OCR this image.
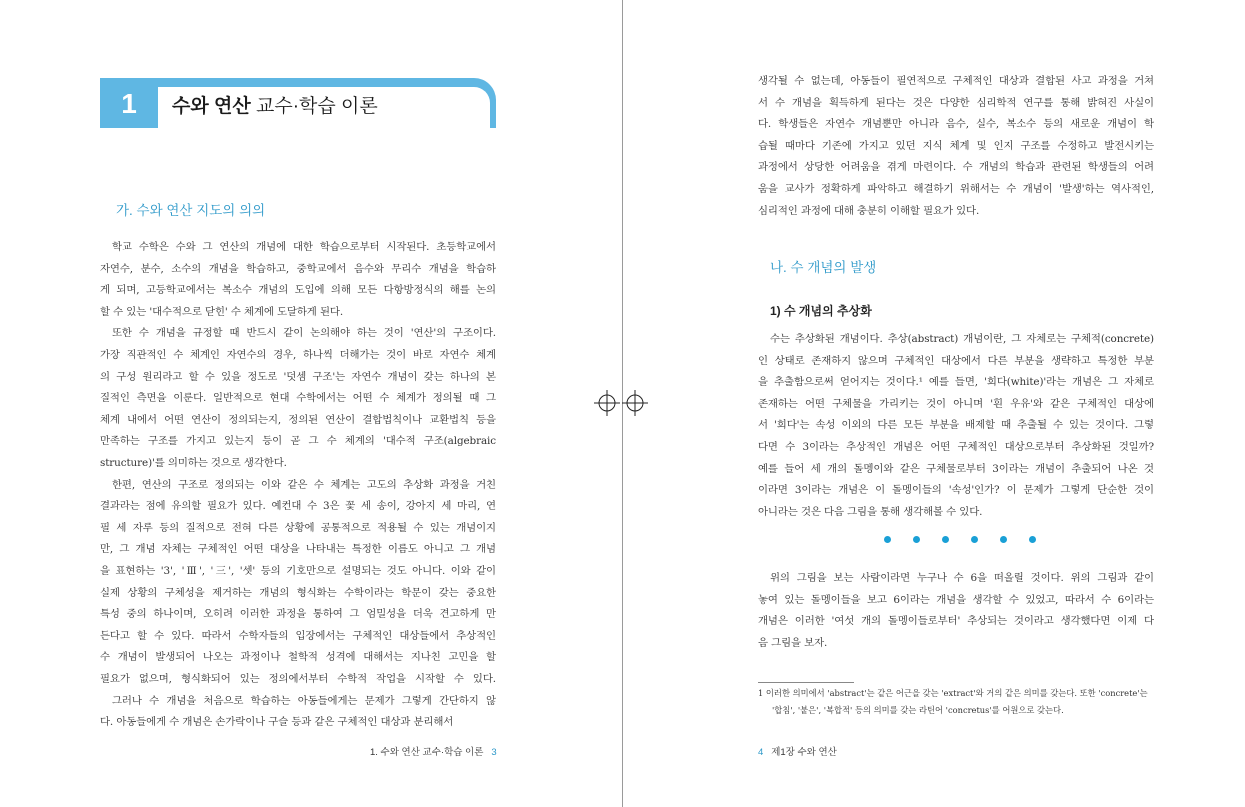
1	수와 연산 교수·학습 이론
가. 수와 연산 지도의 의의
학교 수학은 수와 그 연산의 개념에 대한 학습으로부터 시작된다. 초등학교에서
자연수, 분수, 소수의 개념을 학습하고, 중학교에서 음수와 무리수 개념을 학습하
게 되며, 고등학교에서는 복소수 개념의 도입에 의해 모든 다항방정식의 해를 논의
할 수 있는 '대수적으로 닫힌' 수 체계에 도달하게 된다.
또한 수 개념을 규정할 때 반드시 같이 논의해야 하는 것이 '연산'의 구조이다.
가장 직관적인 수 체계인 자연수의 경우, 하나씩 더해가는 것이 바로 자연수 체계
의 구성 원리라고 할 수 있을 정도로 '덧셈 구조'는 자연수 개념이 갖는 하나의 본
질적인 측면을 이룬다. 일반적으로 현대 수학에서는 어떤 수 체계가 정의될 때 그
체계 내에서 어떤 연산이 정의되는지, 정의된 연산이 결합법칙이나 교환법칙 등을
만족하는 구조를 가지고 있는지 등이 곧 그 수 체계의 '대수적 구조(algebraic
structure)'를 의미하는 것으로 생각한다.
한편, 연산의 구조로 정의되는 이와 같은 수 체계는 고도의 추상화 과정을 거친
결과라는 점에 유의할 필요가 있다. 예컨대 수 3은 꽃 세 송이, 강아지 세 마리, 연
필 세 자루 등의 질적으로 전혀 다른 상황에 공통적으로 적용될 수 있는 개념이지
만, 그 개념 자체는 구체적인 어떤 대상을 나타내는 특정한 이름도 아니고 그 개념
을 표현하는 '3', 'Ⅲ', '三', '셋' 등의 기호만으로 설명되는 것도 아니다. 이와 같이
실제 상황의 구체성을 제거하는 개념의 형식화는 수학이라는 학문이 갖는 중요한
특성 중의 하나이며, 오히려 이러한 과정을 통하여 그 엄밀성을 더욱 견고하게 만
든다고 할 수 있다. 따라서 수학자들의 입장에서는 구체적인 대상들에서 추상적인
수 개념이 발생되어 나오는 과정이나 철학적 성격에 대해서는 지나친 고민을 할
필요가 없으며, 형식화되어 있는 정의에서부터 수학적 작업을 시작할 수 있다.
그러나 수 개념을 처음으로 학습하는 아동들에게는 문제가 그렇게 간단하지 않
다. 아동들에게 수 개념은 손가락이나 구슬 등과 같은 구체적인 대상과 분리해서
1. 수와 연산 교수·학습 이론 3
생각될 수 없는데, 아동들이 필연적으로 구체적인 대상과 결합된 사고 과정을 거쳐
서 수 개념을 획득하게 된다는 것은 다양한 심리학적 연구를 통해 밝혀진 사실이
다. 학생들은 자연수 개념뿐만 아니라 음수, 실수, 복소수 등의 새로운 개념이 학
습될 때마다 기존에 가지고 있던 지식 체계 및 인지 구조를 수정하고 발전시키는
과정에서 상당한 어려움을 겪게 마련이다. 수 개념의 학습과 관련된 학생들의 어려
움을 교사가 정확하게 파악하고 해결하기 위해서는 수 개념이 '발생'하는 역사적인,
심리적인 과정에 대해 충분히 이해할 필요가 있다.
나. 수 개념의 발생
1) 수 개념의 추상화
수는 추상화된 개념이다. 추상(abstract) 개념이란, 그 자체로는 구체적(concrete)
인 상태로 존재하지 않으며 구체적인 대상에서 다른 부분을 생략하고 특정한 부분
을 추출함으로써 얻어지는 것이다.¹ 예를 들면, '희다(white)'라는 개념은 그 자체로
존재하는 어떤 구체물을 가리키는 것이 아니며 '흰 우유'와 같은 구체적인 대상에
서 '희다'는 속성 이외의 다른 모든 부분을 배제할 때 추출될 수 있는 것이다. 그렇
다면 수 3이라는 추상적인 개념은 어떤 구체적인 대상으로부터 추상화된 것일까?
예를 들어 세 개의 돌멩이와 같은 구체물로부터 3이라는 개념이 추출되어 나온 것
이라면 3이라는 개념은 이 돌멩이들의 '속성'인가? 이 문제가 그렇게 단순한 것이
아니라는 것은 다음 그림을 통해 생각해볼 수 있다.
위의 그림을 보는 사람이라면 누구나 수 6을 떠올릴 것이다. 위의 그림과 같이
놓여 있는 돌멩이들을 보고 6이라는 개념을 생각할 수 있었고, 따라서 수 6이라는
개념은 이러한 '여섯 개의 돌멩이들로부터' 추상되는 것이라고 생각했다면 이제 다
음 그림을 보자.
1 이러한 의미에서 'abstract'는 같은 어근을 갖는 'extract'와 거의 같은 의미를 갖는다. 또한 'concrete'는
'합침', '붙은', '복합적' 등의 의미를 갖는 라틴어 'concretus'를 어원으로 갖는다.
4 제1장 수와 연산
